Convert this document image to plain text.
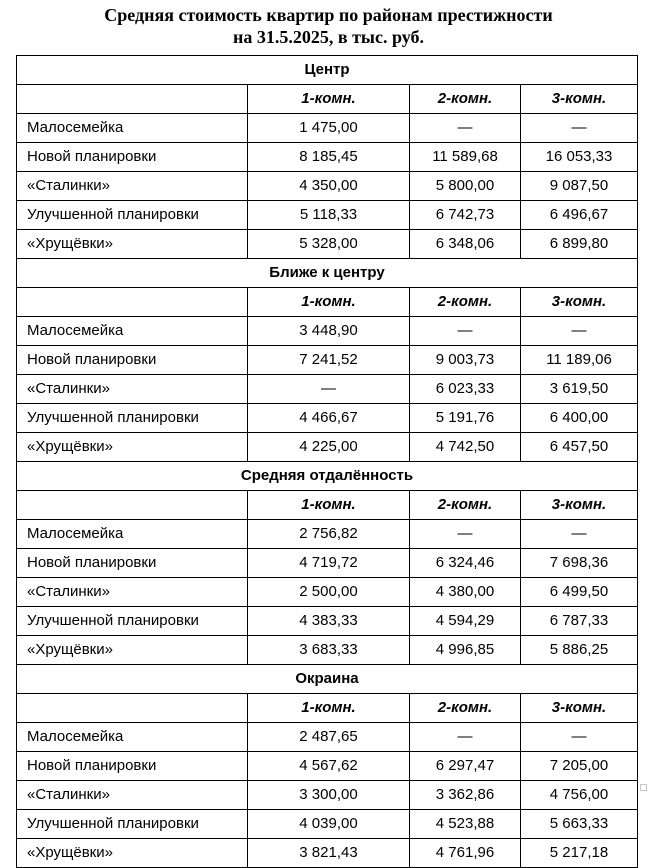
Средняя стоимость квартир по районам престижности
на 31.5.2025, в тыс. руб.
Центр			
	1-комн.	2-комн.	3-комн.
Малосемейка	1 475,00	—	—
Новой планировки	8 185,45	11 589,68	16 053,33
«Сталинки»	4 350,00	5 800,00	9 087,50
Улучшенной планировки	5 118,33	6 742,73	6 496,67
«Хрущёвки»	5 328,00	6 348,06	6 899,80
Ближе к центру			
	1-комн.	2-комн.	3-комн.
Малосемейка	3 448,90	—	—
Новой планировки	7 241,52	9 003,73	11 189,06
«Сталинки»	—	6 023,33	3 619,50
Улучшенной планировки	4 466,67	5 191,76	6 400,00
«Хрущёвки»	4 225,00	4 742,50	6 457,50
Средняя отдалённость			
	1-комн.	2-комн.	3-комн.
Малосемейка	2 756,82	—	—
Новой планировки	4 719,72	6 324,46	7 698,36
«Сталинки»	2 500,00	4 380,00	6 499,50
Улучшенной планировки	4 383,33	4 594,29	6 787,33
«Хрущёвки»	3 683,33	4 996,85	5 886,25
Окраина			
	1-комн.	2-комн.	3-комн.
Малосемейка	2 487,65	—	—
Новой планировки	4 567,62	6 297,47	7 205,00
«Сталинки»	3 300,00	3 362,86	4 756,00
Улучшенной планировки	4 039,00	4 523,88	5 663,33
«Хрущёвки»	3 821,43	4 761,96	5 217,18
